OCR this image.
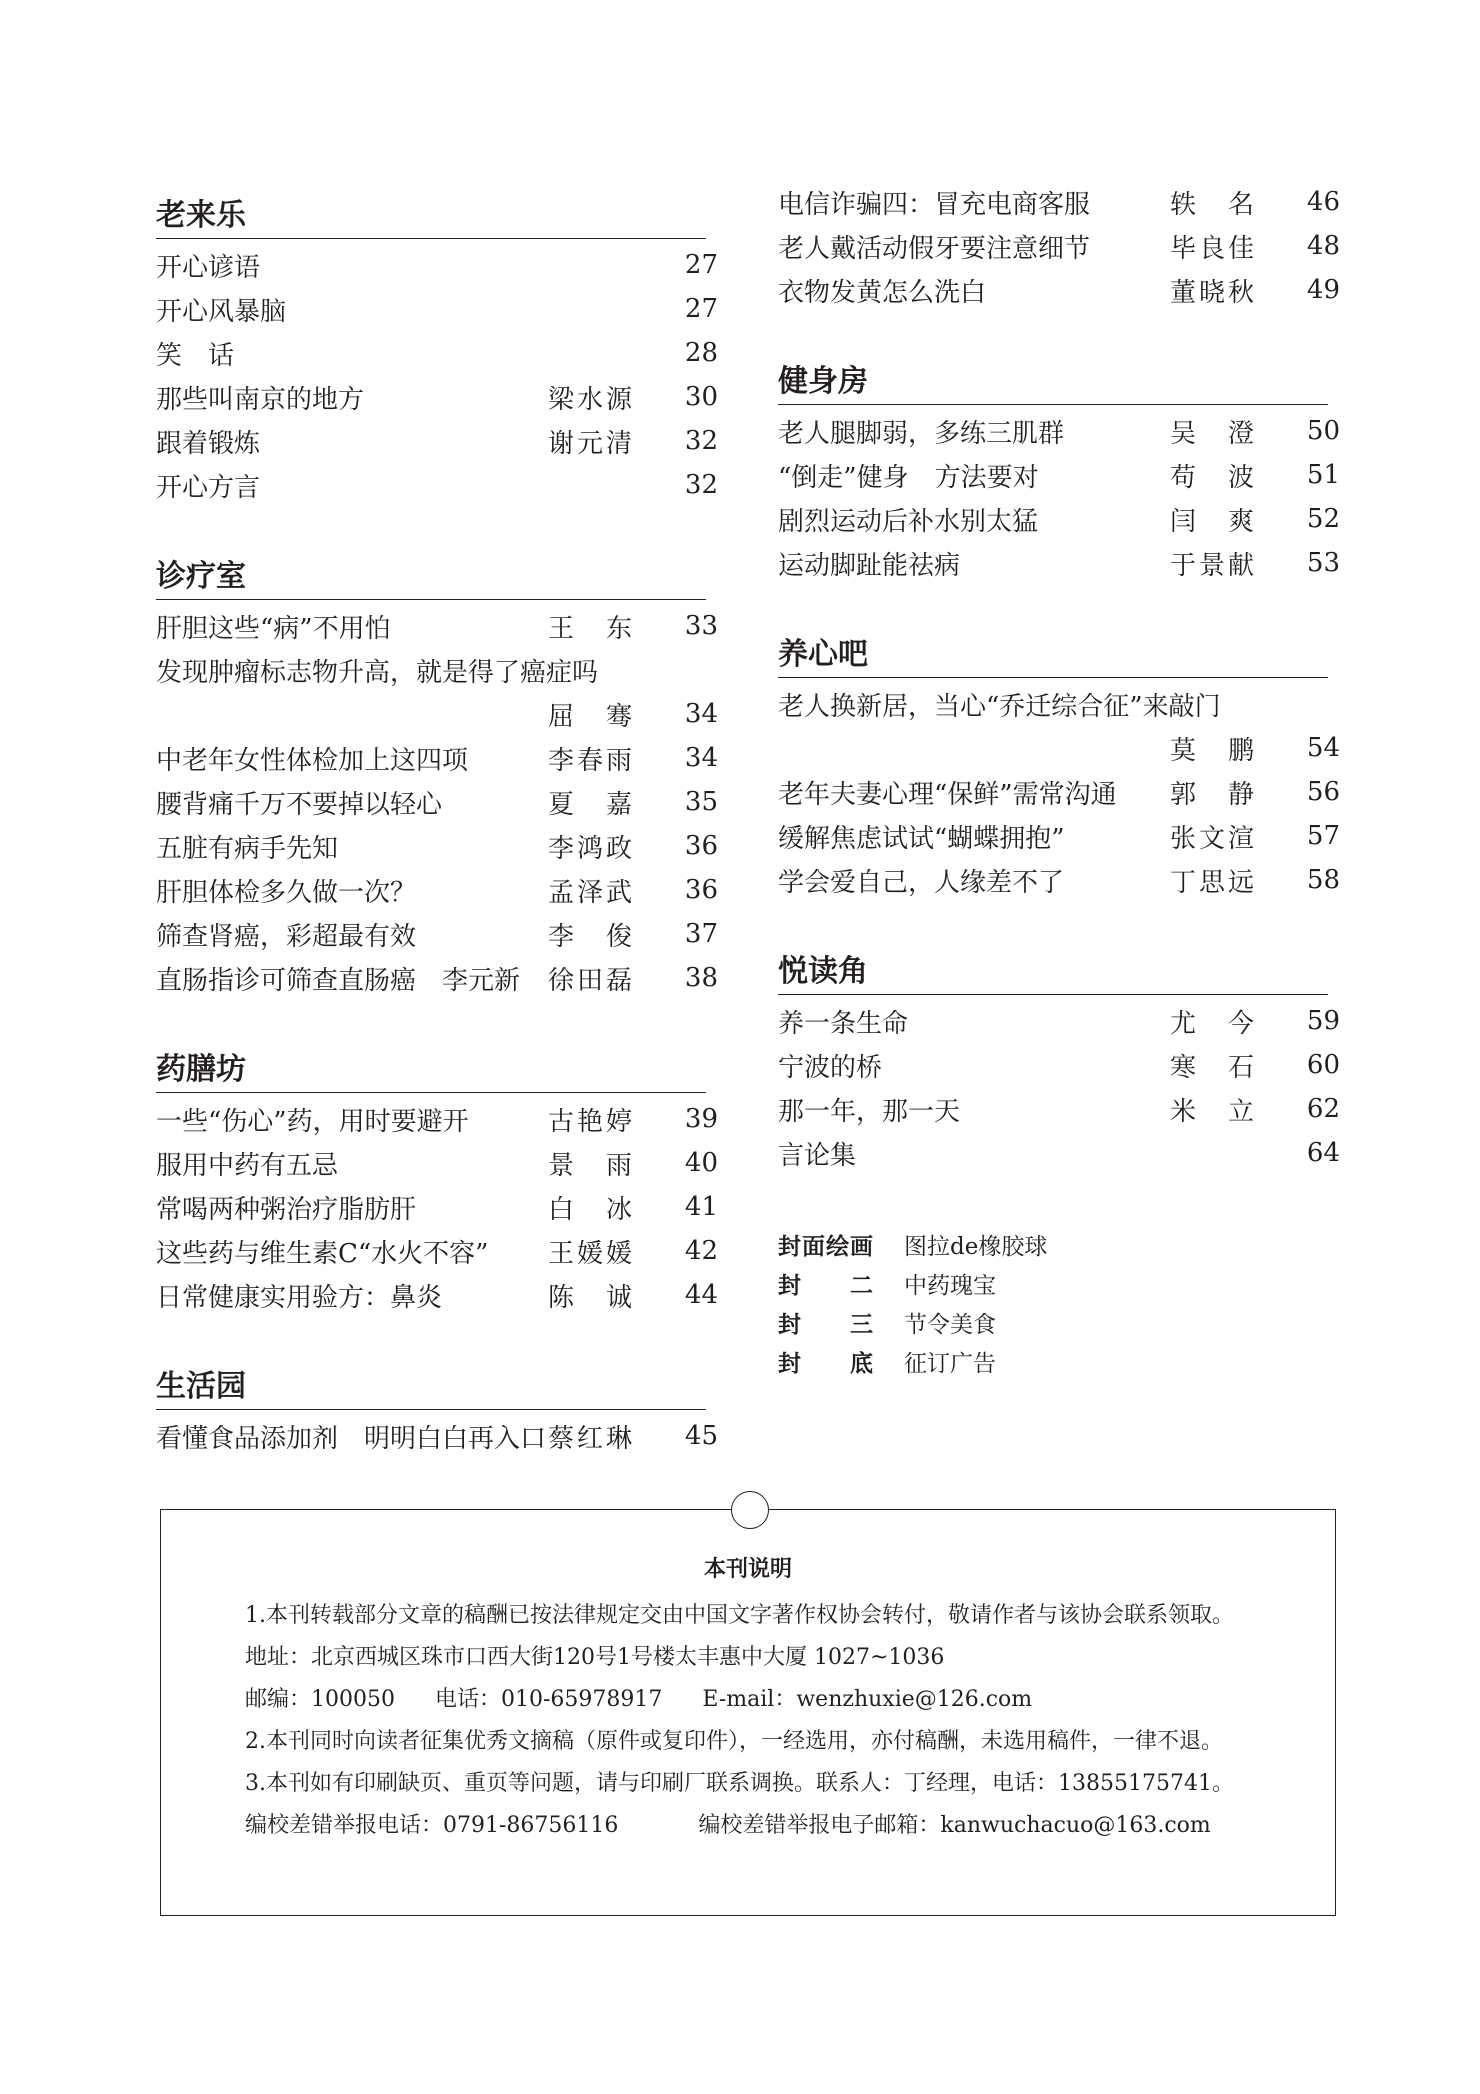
老来乐
开心谚语	27
开心风暴脑	27
笑　话	28
那些叫南京的地方	梁水源	30
跟着锻炼	谢元清	32
开心方言	32
诊疗室
肝胆这些“病”不用怕	王　东	33
发现肿瘤标志物升高，就是得了癌症吗
屈　骞	34
中老年女性体检加上这四项	李春雨	34
腰背痛千万不要掉以轻心	夏　嘉	35
五脏有病手先知	李鸿政	36
肝胆体检多久做一次？	孟泽武	36
筛查肾癌，彩超最有效	李　俊	37
直肠指诊可筛查直肠癌　李元新	徐田磊	38
药膳坊
一些“伤心”药，用时要避开	古艳婷	39
服用中药有五忌	景　雨	40
常喝两种粥治疗脂肪肝	白　冰	41
这些药与维生素C“水火不容”	王媛媛	42
日常健康实用验方：鼻炎	陈　诚	44
生活园
看懂食品添加剂　明明白白再入口 蔡红琳	45
电信诈骗四：冒充电商客服	轶　名	46
老人戴活动假牙要注意细节	毕良佳	48
衣物发黄怎么洗白	董晓秋	49
健身房
老人腿脚弱，多练三肌群	吴　澄	50
“倒走”健身　方法要对	苟　波	51
剧烈运动后补水别太猛	闫　爽	52
运动脚趾能祛病	于景献	53
养心吧
老人换新居，当心“乔迁综合征”来敲门
莫　鹏	54
老年夫妻心理“保鲜”需常沟通	郭　静	56
缓解焦虑试试“蝴蝶拥抱”	张文渲	57
学会爱自己，人缘差不了	丁思远	58
悦读角
养一条生命	尤　今	59
宁波的桥	寒　石	60
那一年，那一天	米　立	62
言论集	64
封面绘画	图拉de橡胶球
封　　二	中药瑰宝
封　　三	节令美食
封　　底	征订广告
本刊说明

1.本刊转载部分文章的稿酬已按法律规定交由中国文字著作权协会转付，敬请作者与该协会联系领取。

地址：北京西城区珠市口西大街120号1号楼太丰惠中大厦 1027~1036

邮编：100050 电话：010-65978917 E-mail：wenzhuxie@126.com

2.本刊同时向读者征集优秀文摘稿（原件或复印件），一经选用，亦付稿酬，未选用稿件，一律不退。

3.本刊如有印刷缺页、重页等问题，请与印刷厂联系调换。联系人：丁经理，电话：13855175741。

编校差错举报电话：0791-86756116	编校差错举报电子邮箱：kanwuchacuo@163.com
